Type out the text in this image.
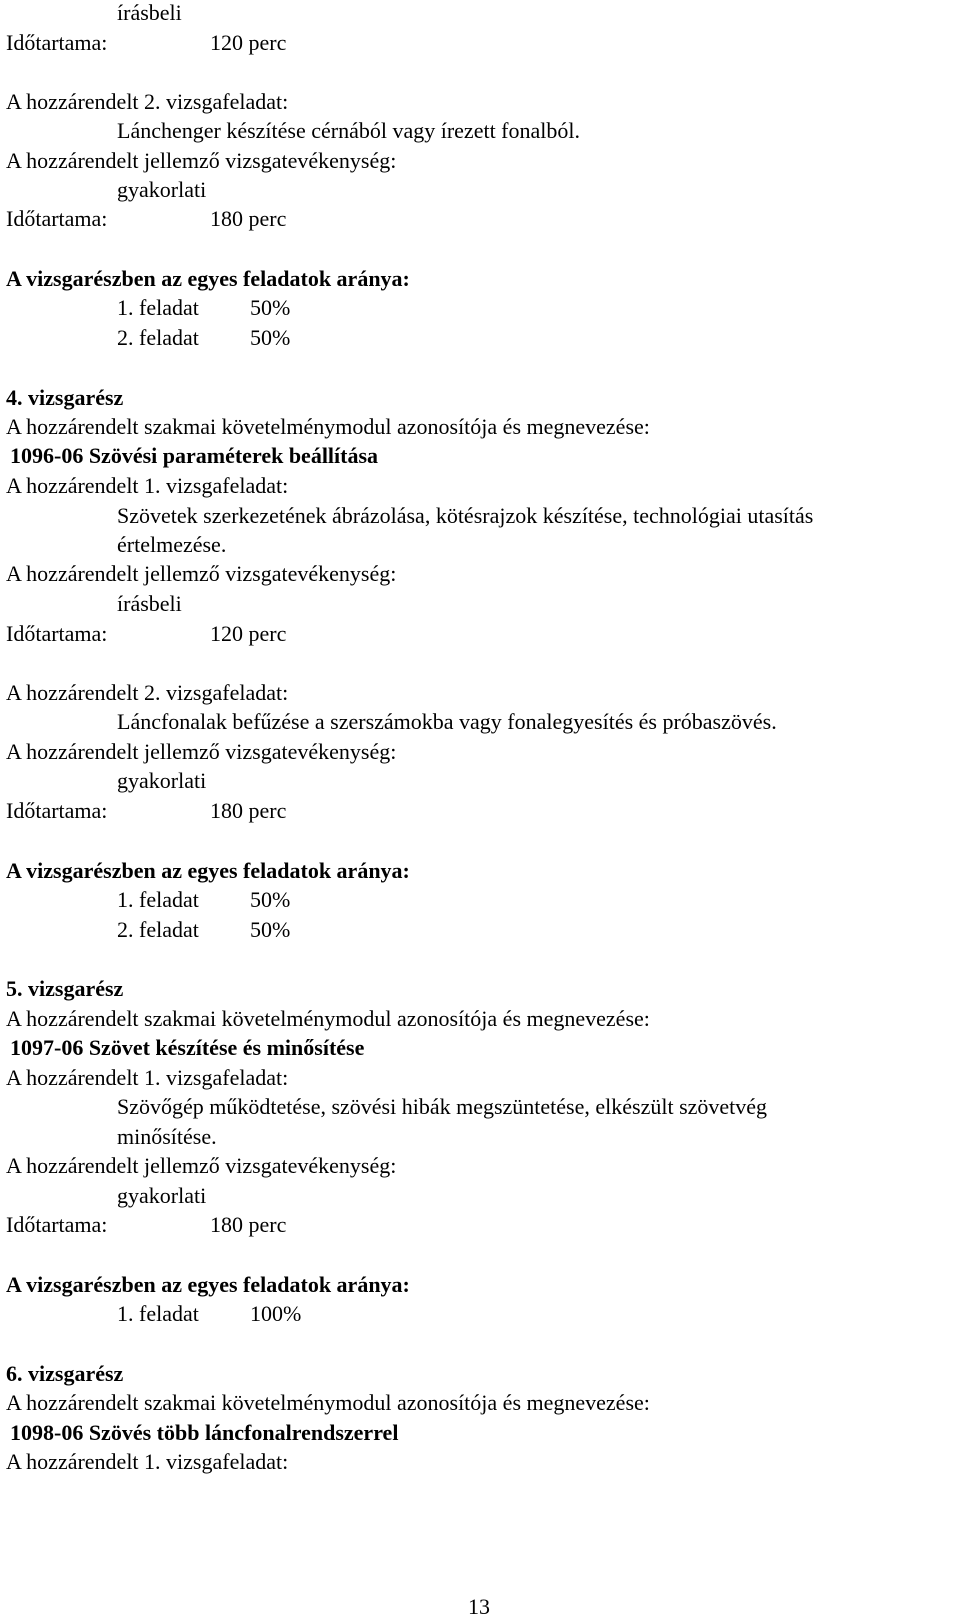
írásbeli
Időtartama:	120 perc
A hozzárendelt 2. vizsgafeladat:
Lánchenger készítése cérnából vagy írezett fonalból.
A hozzárendelt jellemző vizsgatevékenység:
gyakorlati
Időtartama:	180 perc
A vizsgarészben az egyes feladatok aránya:
1. feladat 50%
2. feladat 50%
4. vizsgarész
A hozzárendelt szakmai követelménymodul azonosítója és megnevezése:
1096-06 Szövési paraméterek beállítása
A hozzárendelt 1. vizsgafeladat:
Szövetek szerkezetének ábrázolása, kötésrajzok készítése, technológiai utasítás
értelmezése.
A hozzárendelt jellemző vizsgatevékenység:
írásbeli
Időtartama:	120 perc
A hozzárendelt 2. vizsgafeladat:
Láncfonalak befűzése a szerszámokba vagy fonalegyesítés és próbaszövés.
A hozzárendelt jellemző vizsgatevékenység:
gyakorlati
Időtartama:	180 perc
A vizsgarészben az egyes feladatok aránya:
1. feladat 50%
2. feladat 50%
5. vizsgarész
A hozzárendelt szakmai követelménymodul azonosítója és megnevezése:
1097-06 Szövet készítése és minősítése
A hozzárendelt 1. vizsgafeladat:
Szövőgép működtetése, szövési hibák megszüntetése, elkészült szövetvég
minősítése.
A hozzárendelt jellemző vizsgatevékenység:
gyakorlati
Időtartama:	180 perc
A vizsgarészben az egyes feladatok aránya:
1. feladat 100%
6. vizsgarész
A hozzárendelt szakmai követelménymodul azonosítója és megnevezése:
1098-06 Szövés több láncfonalrendszerrel
A hozzárendelt 1. vizsgafeladat:
13
